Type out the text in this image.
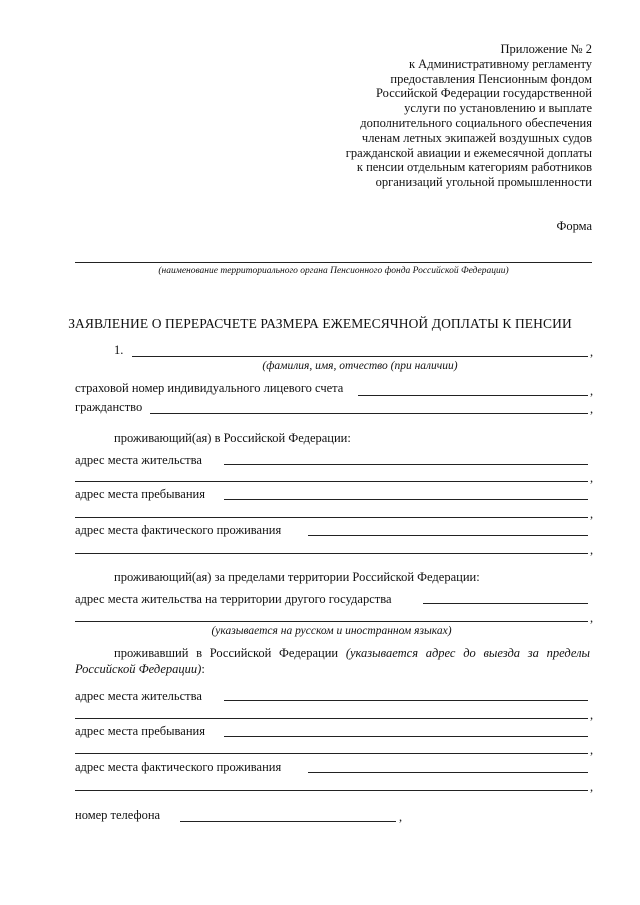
Приложение № 2
к Административному регламенту
предоставления Пенсионным фондом
Российской Федерации государственной
услуги по установлению и выплате
дополнительного социального обеспечения
членам летных экипажей воздушных судов
гражданской авиации и ежемесячной доплаты
к пенсии отдельным категориям работников
организаций угольной промышленности
Форма
(наименование территориального органа Пенсионного фонда Российской Федерации)
ЗАЯВЛЕНИЕ О ПЕРЕРАСЧЕТЕ РАЗМЕРА ЕЖЕМЕСЯЧНОЙ ДОПЛАТЫ К ПЕНСИИ
1.	,
(фамилия, имя, отчество (при наличии)
страховой номер индивидуального лицевого счета	,
гражданство	,
проживающий(ая) в Российской Федерации:
адрес места жительства
,
адрес места пребывания
,
адрес места фактического проживания
,
проживающий(ая) за пределами территории Российской Федерации:
адрес места жительства на территории другого государства
,
(указывается на русском и иностранном языках)
проживавший в Российской Федерации (указывается адрес до выезда за пределы Российской Федерации):
адрес места жительства
,
адрес места пребывания
,
адрес места фактического проживания
,
номер телефона	,
